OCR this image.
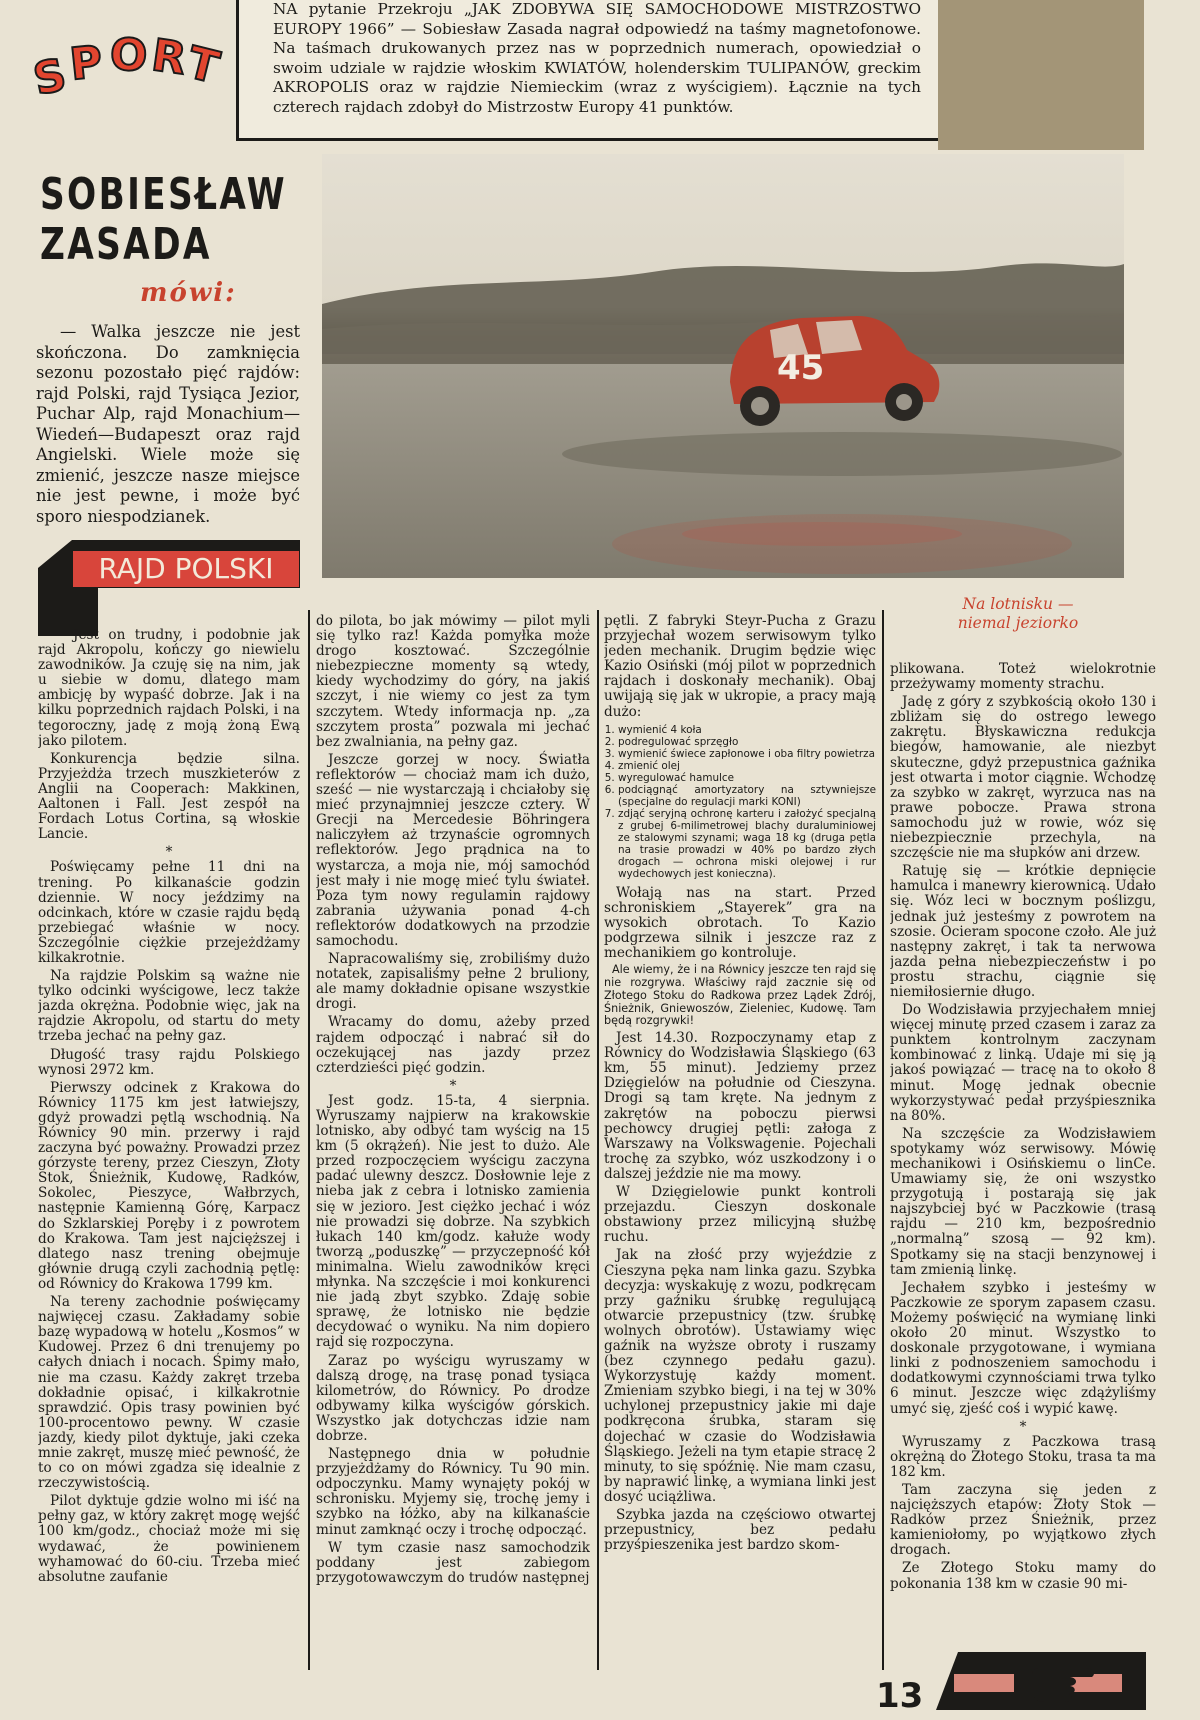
S
P O R
T
NA pytanie Przekroju „JAK ZDOBYWA SIĘ SAMOCHODOWE MISTRZOSTWO EUROPY 1966” — Sobiesław Zasada nagrał odpowiedź na taśmy magnetofonowe. Na taśmach drukowanych przez nas w poprzednich numerach, opowiedział o swoim udziale w rajdzie włoskim KWIATÓW, holenderskim TULIPANÓW, greckim AKROPOLIS oraz w rajdzie Niemieckim (wraz z wyścigiem). Łącznie na tych czterech rajdach zdobył do Mistrzostw Europy 41 punktów.
SOBIESŁAW
ZASADA
mówi:

— Walka jeszcze nie jest skończona. Do zamknięcia sezonu pozostało pięć rajdów: rajd Polski, rajd Tysiąca Jezior, Puchar Alp, rajd Monachium—Wiedeń—Budapeszt oraz rajd Angielski. Wiele może się zmienić, jeszcze nasze miejsce nie jest pewne, i może być sporo niespodzianek.

45
RAJD POLSKI
Na lotnisku —
niemal jeziorko

— Jest on trudny, i podobnie jak rajd Akropolu, kończy go niewielu zawodników. Ja czuję się na nim, jak u siebie w domu, dlatego mam ambicję by wypaść dobrze. Jak i na kilku poprzednich rajdach Polski, i na tegoroczny, jadę z moją żoną Ewą jako pilotem.

Konkurencja będzie silna. Przyjeżdża trzech muszkieterów z Anglii na Cooperach: Makkinen, Aaltonen i Fall. Jest zespół na Fordach Lotus Cortina, są włoskie Lancie.

*

Poświęcamy pełne 11 dni na trening. Po kilkanaście godzin dziennie. W nocy jeździmy na odcinkach, które w czasie rajdu będą przebiegać właśnie w nocy. Szczególnie ciężkie przejeżdżamy kilkakrotnie.

Na rajdzie Polskim są ważne nie tylko odcinki wyścigowe, lecz także jazda okrężna. Podobnie więc, jak na rajdzie Akropolu, od startu do mety trzeba jechać na pełny gaz.

Długość trasy rajdu Polskiego wynosi 2972 km.

Pierwszy odcinek z Krakowa do Równicy 1175 km jest łatwiejszy, gdyż prowadzi pętlą wschodnią. Na Równicy 90 min. przerwy i rajd zaczyna być poważny. Prowadzi przez górzyste tereny, przez Cieszyn, Złoty Stok, Śnieżnik, Kudowę, Radków, Sokolec, Pieszyce, Wałbrzych, następnie Kamienną Górę, Karpacz do Szklarskiej Poręby i z powrotem do Krakowa. Tam jest najcięższej i dlatego nasz trening obejmuje głównie drugą czyli zachodnią pętlę: od Równicy do Krakowa 1799 km.

Na tereny zachodnie poświęcamy najwięcej czasu. Zakładamy sobie bazę wypadową w hotelu „Kosmos” w Kudowej. Przez 6 dni trenujemy po całych dniach i nocach. Śpimy mało, nie ma czasu. Każdy zakręt trzeba dokładnie opisać, i kilkakrotnie sprawdzić. Opis trasy powinien być 100-procentowo pewny. W czasie jazdy, kiedy pilot dyktuje, jaki czeka mnie zakręt, muszę mieć pewność, że to co on mówi zgadza się idealnie z rzeczywistością.

Pilot dyktuje gdzie wolno mi iść na pełny gaz, w który zakręt mogę wejść 100 km/godz., chociaż może mi się wydawać, że powinienem wyhamować do 60-ciu. Trzeba mieć absolutne zaufanie

do pilota, bo jak mówimy — pilot myli się tylko raz! Każda pomyłka może drogo kosztować. Szczególnie niebezpieczne momenty są wtedy, kiedy wychodzimy do góry, na jakiś szczyt, i nie wiemy co jest za tym szczytem. Wtedy informacja np. „za szczytem prosta” pozwala mi jechać bez zwalniania, na pełny gaz.

Jeszcze gorzej w nocy. Światła reflektorów — chociaż mam ich dużo, sześć — nie wystarczają i chciałoby się mieć przynajmniej jeszcze cztery. W Grecji na Mercedesie Böhringera naliczyłem aż trzynaście ogromnych reflektorów. Jego prądnica na to wystarcza, a moja nie, mój samochód jest mały i nie mogę mieć tylu świateł. Poza tym nowy regulamin rajdowy zabrania używania ponad 4-ch reflektorów dodatkowych na przodzie samochodu.

Napracowaliśmy się, zrobiliśmy dużo notatek, zapisaliśmy pełne 2 bruliony, ale mamy dokładnie opisane wszystkie drogi.

Wracamy do domu, ażeby przed rajdem odpocząć i nabrać sił do oczekującej nas jazdy przez czterdzieści pięć godzin.

*

Jest godz. 15-ta, 4 sierpnia. Wyruszamy najpierw na krakowskie lotnisko, aby odbyć tam wyścig na 15 km (5 okrążeń). Nie jest to dużo. Ale przed rozpoczęciem wyścigu zaczyna padać ulewny deszcz. Dosłownie leje z nieba jak z cebra i lotnisko zamienia się w jezioro. Jest ciężko jechać i wóz nie prowadzi się dobrze. Na szybkich łukach 140 km/godz. kałuże wody tworzą „poduszkę” — przyczepność kół minimalna. Wielu zawodników kręci młynka. Na szczęście i moi konkurenci nie jadą zbyt szybko. Zdaję sobie sprawę, że lotnisko nie będzie decydować o wyniku. Na nim dopiero rajd się rozpoczyna.

Zaraz po wyścigu wyruszamy w dalszą drogę, na trasę ponad tysiąca kilometrów, do Równicy. Po drodze odbywamy kilka wyścigów górskich. Wszystko jak dotychczas idzie nam dobrze.

Następnego dnia w południe przyjeżdżamy do Równicy. Tu 90 min. odpoczynku. Mamy wynajęty pokój w schronisku. Myjemy się, trochę jemy i szybko na łóżko, aby na kilkanaście minut zamknąć oczy i trochę odpocząć.

W tym czasie nasz samochodzik poddany jest zabiegom przygotowawczym do trudów następnej

pętli. Z fabryki Steyr-Pucha z Grazu przyjechał wozem serwisowym tylko jeden mechanik. Drugim będzie więc Kazio Osiński (mój pilot w poprzednich rajdach i doskonały mechanik). Obaj uwijają się jak w ukropie, a pracy mają dużo:

1. wymienić 4 koła
2. podregulować sprzęgło
3. wymienić świece zapłonowe i oba filtry powietrza
4. zmienić olej
5. wyregulować hamulce
6. podciągnąć amortyzatory na sztywniejsze (specjalne do regulacji marki KONI)
7. zdjąć seryjną ochronę karteru i założyć specjalną z grubej 6-milimetrowej blachy duraluminiowej ze stalowymi szynami; waga 18 kg (druga pętla na trasie prowadzi w 40% po bardzo złych drogach — ochrona miski olejowej i rur wydechowych jest konieczna).

Wołają nas na start. Przed schroniskiem „Stayerek” gra na wysokich obrotach. To Kazio podgrzewa silnik i jeszcze raz z mechanikiem go kontroluje.

Ale wiemy, że i na Równicy jeszcze ten rajd się nie rozgrywa. Właściwy rajd zacznie się od Złotego Stoku do Radkowa przez Lądek Zdrój, Śnieżnik, Gniewoszów, Zieleniec, Kudowę. Tam będą rozgrywki!

Jest 14.30. Rozpoczynamy etap z Równicy do Wodzisławia Śląskiego (63 km, 55 minut). Jedziemy przez Dzięgielów na południe od Cieszyna. Drogi są tam kręte. Na jednym z zakrętów na poboczu pierwsi pechowcy drugiej pętli: załoga z Warszawy na Volkswagenie. Pojechali trochę za szybko, wóz uszkodzony i o dalszej jeździe nie ma mowy.

W Dzięgielowie punkt kontroli przejazdu. Cieszyn doskonale obstawiony przez milicyjną służbę ruchu.

Jak na złość przy wyjeździe z Cieszyna pęka nam linka gazu. Szybka decyzja: wyskakuję z wozu, podkręcam przy gaźniku śrubkę regulującą otwarcie przepustnicy (tzw. śrubkę wolnych obrotów). Ustawiamy więc gaźnik na wyższe obroty i ruszamy (bez czynnego pedału gazu). Wykorzystuję każdy moment. Zmieniam szybko biegi, i na tej w 30% uchylonej przepustnicy jakie mi daje podkręcona śrubka, staram się dojechać w czasie do Wodzisławia Śląskiego. Jeżeli na tym etapie stracę 2 minuty, to się spóźnię. Nie mam czasu, by naprawić linkę, a wymiana linki jest dosyć uciążliwa.

Szybka jazda na częściowo otwartej przepustnicy, bez pedału przyśpieszenika jest bardzo skom-

plikowana. Toteż wielokrotnie przeżywamy momenty strachu.

Jadę z góry z szybkością około 130 i zbliżam się do ostrego lewego zakrętu. Błyskawiczna redukcja biegów, hamowanie, ale niezbyt skuteczne, gdyż przepustnica gaźnika jest otwarta i motor ciągnie. Wchodzę za szybko w zakręt, wyrzuca nas na prawe pobocze. Prawa strona samochodu już w rowie, wóz się niebezpiecznie przechyla, na szczęście nie ma słupków ani drzew.

Ratuję się — krótkie depnięcie hamulca i manewry kierownicą. Udało się. Wóz leci w bocznym poślizgu, jednak już jesteśmy z powrotem na szosie. Ocieram spocone czoło. Ale już następny zakręt, i tak ta nerwowa jazda pełna niebezpieczeństw i po prostu strachu, ciągnie się niemiłosiernie długo.

Do Wodzisławia przyjechałem mniej więcej minutę przed czasem i zaraz za punktem kontrolnym zaczynam kombinować z linką. Udaje mi się ją jakoś powiązać — tracę na to około 8 minut. Mogę jednak obecnie wykorzystywać pedał przyśpiesznika na 80%.

Na szczęście za Wodzisławiem spotykamy wóz serwisowy. Mówię mechanikowi i Osińskiemu o linCe. Umawiamy się, że oni wszystko przygotują i postarają się jak najszybciej być w Paczkowie (trasą rajdu — 210 km, bezpośrednio „normalną” szosą — 92 km). Spotkamy się na stacji benzynowej i tam zmienią linkę.

Jechałem szybko i jesteśmy w Paczkowie ze sporym zapasem czasu. Możemy poświęcić na wymianę linki około 20 minut. Wszystko to doskonale przygotowane, i wymiana linki z podnoszeniem samochodu i dodatkowymi czynnościami trwa tylko 6 minut. Jeszcze więc zdążyliśmy umyć się, zjeść coś i wypić kawę.

*

Wyruszamy z Paczkowa trasą okrężną do Złotego Stoku, trasa ta ma 182 km.

Tam zaczyna się jeden z najcięższych etapów: Złoty Stok — Radków przez Śnieżnik, przez kamieniołomy, po wyjątkowo złych drogach.

Ze Złotego Stoku mamy do pokonania 138 km w czasie 90 mi-

13
